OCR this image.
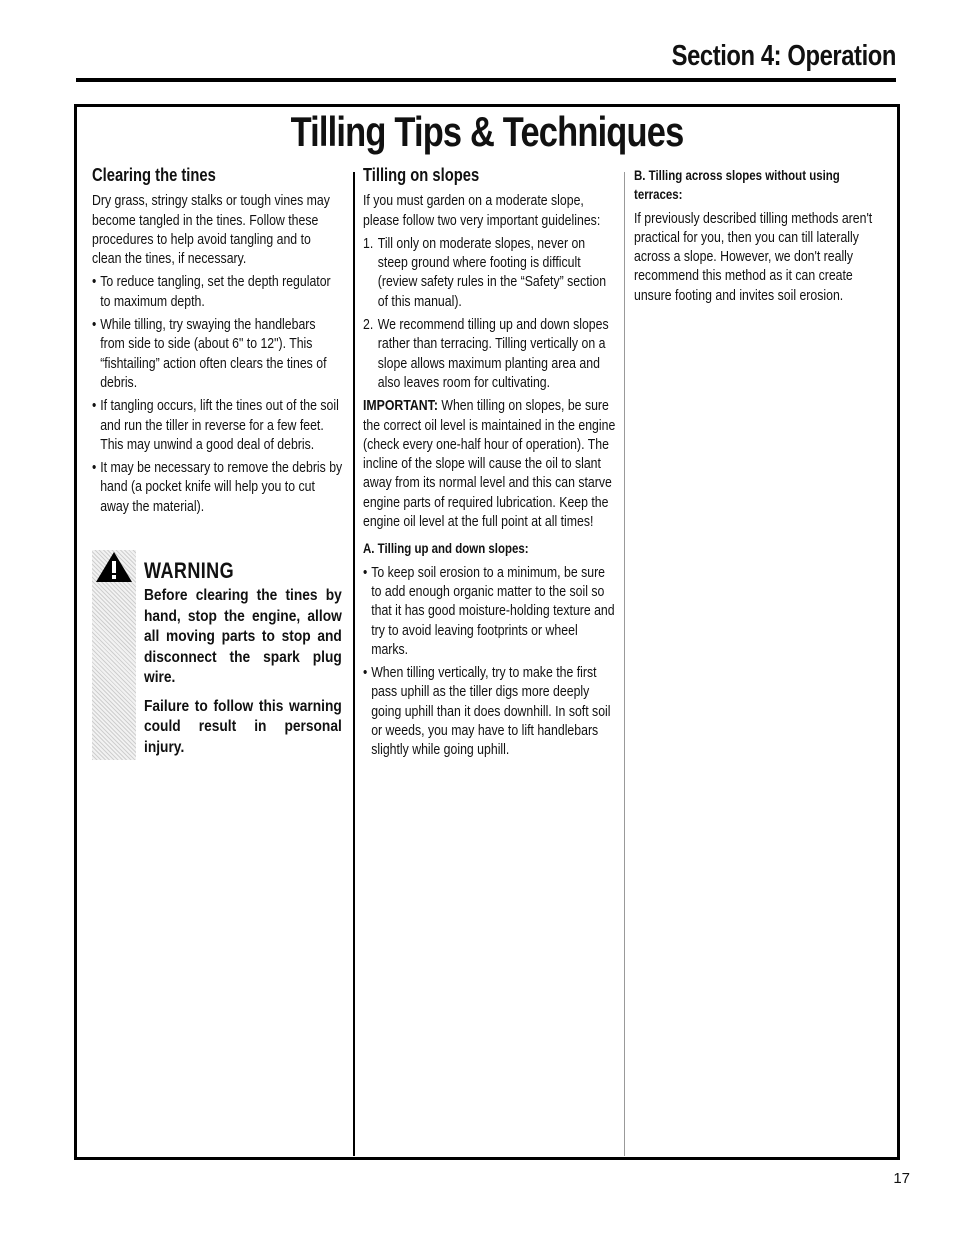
Section 4: Operation
Tilling Tips & Techniques
Clearing the tines

Dry grass, stringy stalks or tough vines may become tangled in the tines. Follow these procedures to help avoid tangling and to clean the tines, if necessary.

• To reduce tangling, set the depth regulator to maximum depth.
• While tilling, try swaying the handlebars from side to side (about 6" to 12"). This “fishtailing” action often clears the tines of debris.
• If tangling occurs, lift the tines out of the soil and run the tiller in reverse for a few feet. This may unwind a good deal of debris.
• It may be necessary to remove the debris by hand (a pocket knife will help you to cut away the material).
WARNING

Before clearing the tines by hand, stop the engine, allow all moving parts to stop and disconnect the spark plug wire.

Failure to follow this warning could result in personal injury.

Tilling on slopes

If you must garden on a moderate slope, please follow two very important guidelines:

1. Till only on moderate slopes, never on steep ground where footing is difficult (review safety rules in the “Safety” section of this manual).
2. We recommend tilling up and down slopes rather than terracing. Tilling vertically on a slope allows maximum planting area and also leaves room for cultivating.

IMPORTANT: When tilling on slopes, be sure the correct oil level is maintained in the engine (check every one-half hour of operation). The incline of the slope will cause the oil to slant away from its normal level and this can starve engine parts of required lubrication. Keep the engine oil level at the full point at all times!

A. Tilling up and down slopes:
• To keep soil erosion to a minimum, be sure to add enough organic matter to the soil so that it has good moisture-holding texture and try to avoid leaving footprints or wheel marks.
• When tilling vertically, try to make the first pass uphill as the tiller digs more deeply going uphill than it does downhill. In soft soil or weeds, you may have to lift handlebars slightly while going uphill.
B. Tilling across slopes without using terraces:

If previously described tilling methods aren't practical for you, then you can till laterally across a slope. However, we don't really recommend this method as it can create unsure footing and invites soil erosion.

17
